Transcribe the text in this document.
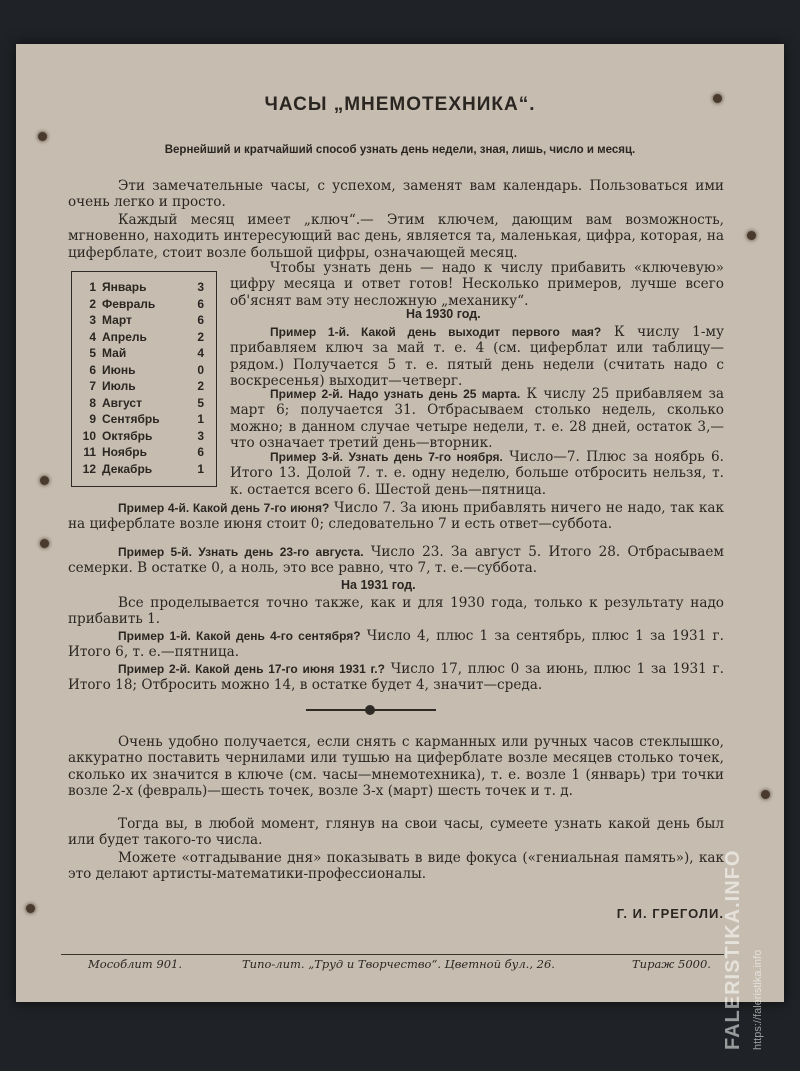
ЧАСЫ „МНЕМОТЕХНИКА“.
Вернейший и кратчайший способ узнать день недели, зная, лишь, число и месяц.

Эти замечательные часы, с успехом, заменят вам календарь. Пользоваться ими очень легко и просто.

Каждый месяц имеет „ключ“.— Этим ключем, дающим вам возможность, мгновенно, находить интересующий вас день, является та, маленькая, цифра, которая, на циферблате, стоит возле большой цифры, означающей месяц.

1 Январь	3
2 Февраль	6
3 Март	6
4 Апрель	2
5 Май	4
6 Июнь	0
7 Июль	2
8 Август	5
9 Сентябрь	1
10 Октябрь	3
11 Ноябрь	6
12 Декабрь	1

Чтобы узнать день — надо к числу прибавить «ключевую» цифру месяца и ответ готов! Несколько примеров, лучше всего об'яснят вам эту несложную „механику“.

На 1930 год.

Пример 1-й. Какой день выходит первого мая? К числу 1-му прибавляем ключ за май т. е. 4 (см. циферблат или таблицу—рядом.) Получается 5 т. е. пятый день недели (считать надо с воскресенья) выходит—четверг.

Пример 2-й. Надо узнать день 25 марта. К числу 25 прибавляем за март 6; получается 31. Отбрасываем столько недель, сколько можно; в данном случае четыре недели, т. е. 28 дней, остаток 3,—что означает третий день—вторник.

Пример 3-й. Узнать день 7-го ноября. Число—7. Плюс за ноябрь 6. Итого 13. Долой 7. т. е. одну неделю, больше отбросить нельзя, т. к. остается всего 6. Шестой день—пятница.

Пример 4-й. Какой день 7-го июня? Число 7. За июнь прибавлять ничего не надо, так как на циферблате возле июня стоит 0; следовательно 7 и есть ответ—суббота.

Пример 5-й. Узнать день 23-го августа. Число 23. За август 5. Итого 28. Отбрасываем семерки. В остатке 0, а ноль, это все равно, что 7, т. е.—суббота.

На 1931 год.

Все проделывается точно также, как и для 1930 года, только к результату надо прибавить 1.

Пример 1-й. Какой день 4-го сентября? Число 4, плюс 1 за сентябрь, плюс 1 за 1931 г. Итого 6, т. е.—пятница.

Пример 2-й. Какой день 17-го июня 1931 г.? Число 17, плюс 0 за июнь, плюс 1 за 1931 г. Итого 18; Отбросить можно 14, в остатке будет 4, значит—среда.

Очень удобно получается, если снять с карманных или ручных часов стеклышко, аккуратно поставить чернилами или тушью на циферблате возле месяцев столько точек, сколько их значится в ключе (см. часы—мнемотехника), т. е. возле 1 (январь) три точки возле 2-х (февраль)—шесть точек, возле 3-х (март) шесть точек и т. д.

Тогда вы, в любой момент, глянув на свои часы, сумеете узнать какой день был или будет такого-то числа.

Можете «отгадывание дня» показывать в виде фокуса («гениальная память»), как это делают артисты-математики-профессионалы.

Г. И. ГРЕГОЛИ.
Мособлит 901.	Типо-лит. „Труд и Творчество“. Цветной бул., 26.	Тираж 5000. FALERISTIKA.INFO https://faleristika.info
